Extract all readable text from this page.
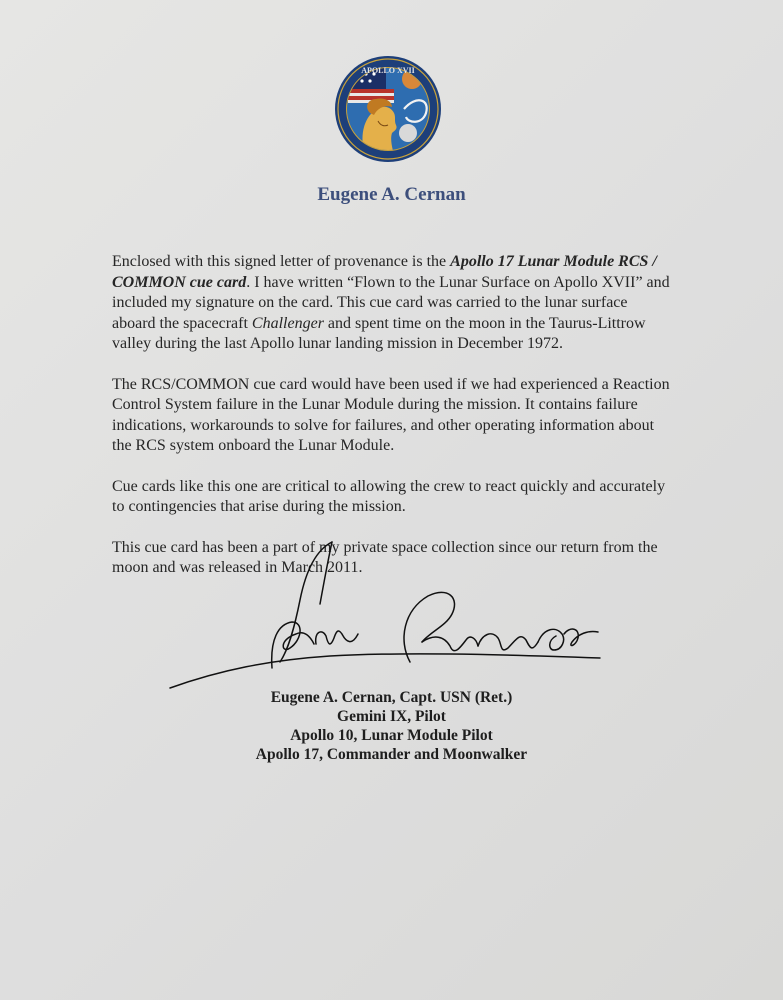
APOLLO XVII
Eugene A. Cernan

Enclosed with this signed letter of provenance is the Apollo 17 Lunar Module RCS / COMMON cue card. I have written “Flown to the Lunar Surface on Apollo XVII” and included my signature on the card. This cue card was carried to the lunar surface aboard the spacecraft Challenger and spent time on the moon in the Taurus-Littrow valley during the last Apollo lunar landing mission in December 1972.

The RCS/COMMON cue card would have been used if we had experienced a Reaction Control System failure in the Lunar Module during the mission. It contains failure indications, workarounds to solve for failures, and other operating information about the RCS system onboard the Lunar Module.

Cue cards like this one are critical to allowing the crew to react quickly and accurately to contingencies that arise during the mission.

This cue card has been a part of my private space collection since our return from the moon and was released in March 2011.

Eugene A. Cernan, Capt. USN (Ret.)
Gemini IX, Pilot
Apollo 10, Lunar Module Pilot
Apollo 17, Commander and Moonwalker
